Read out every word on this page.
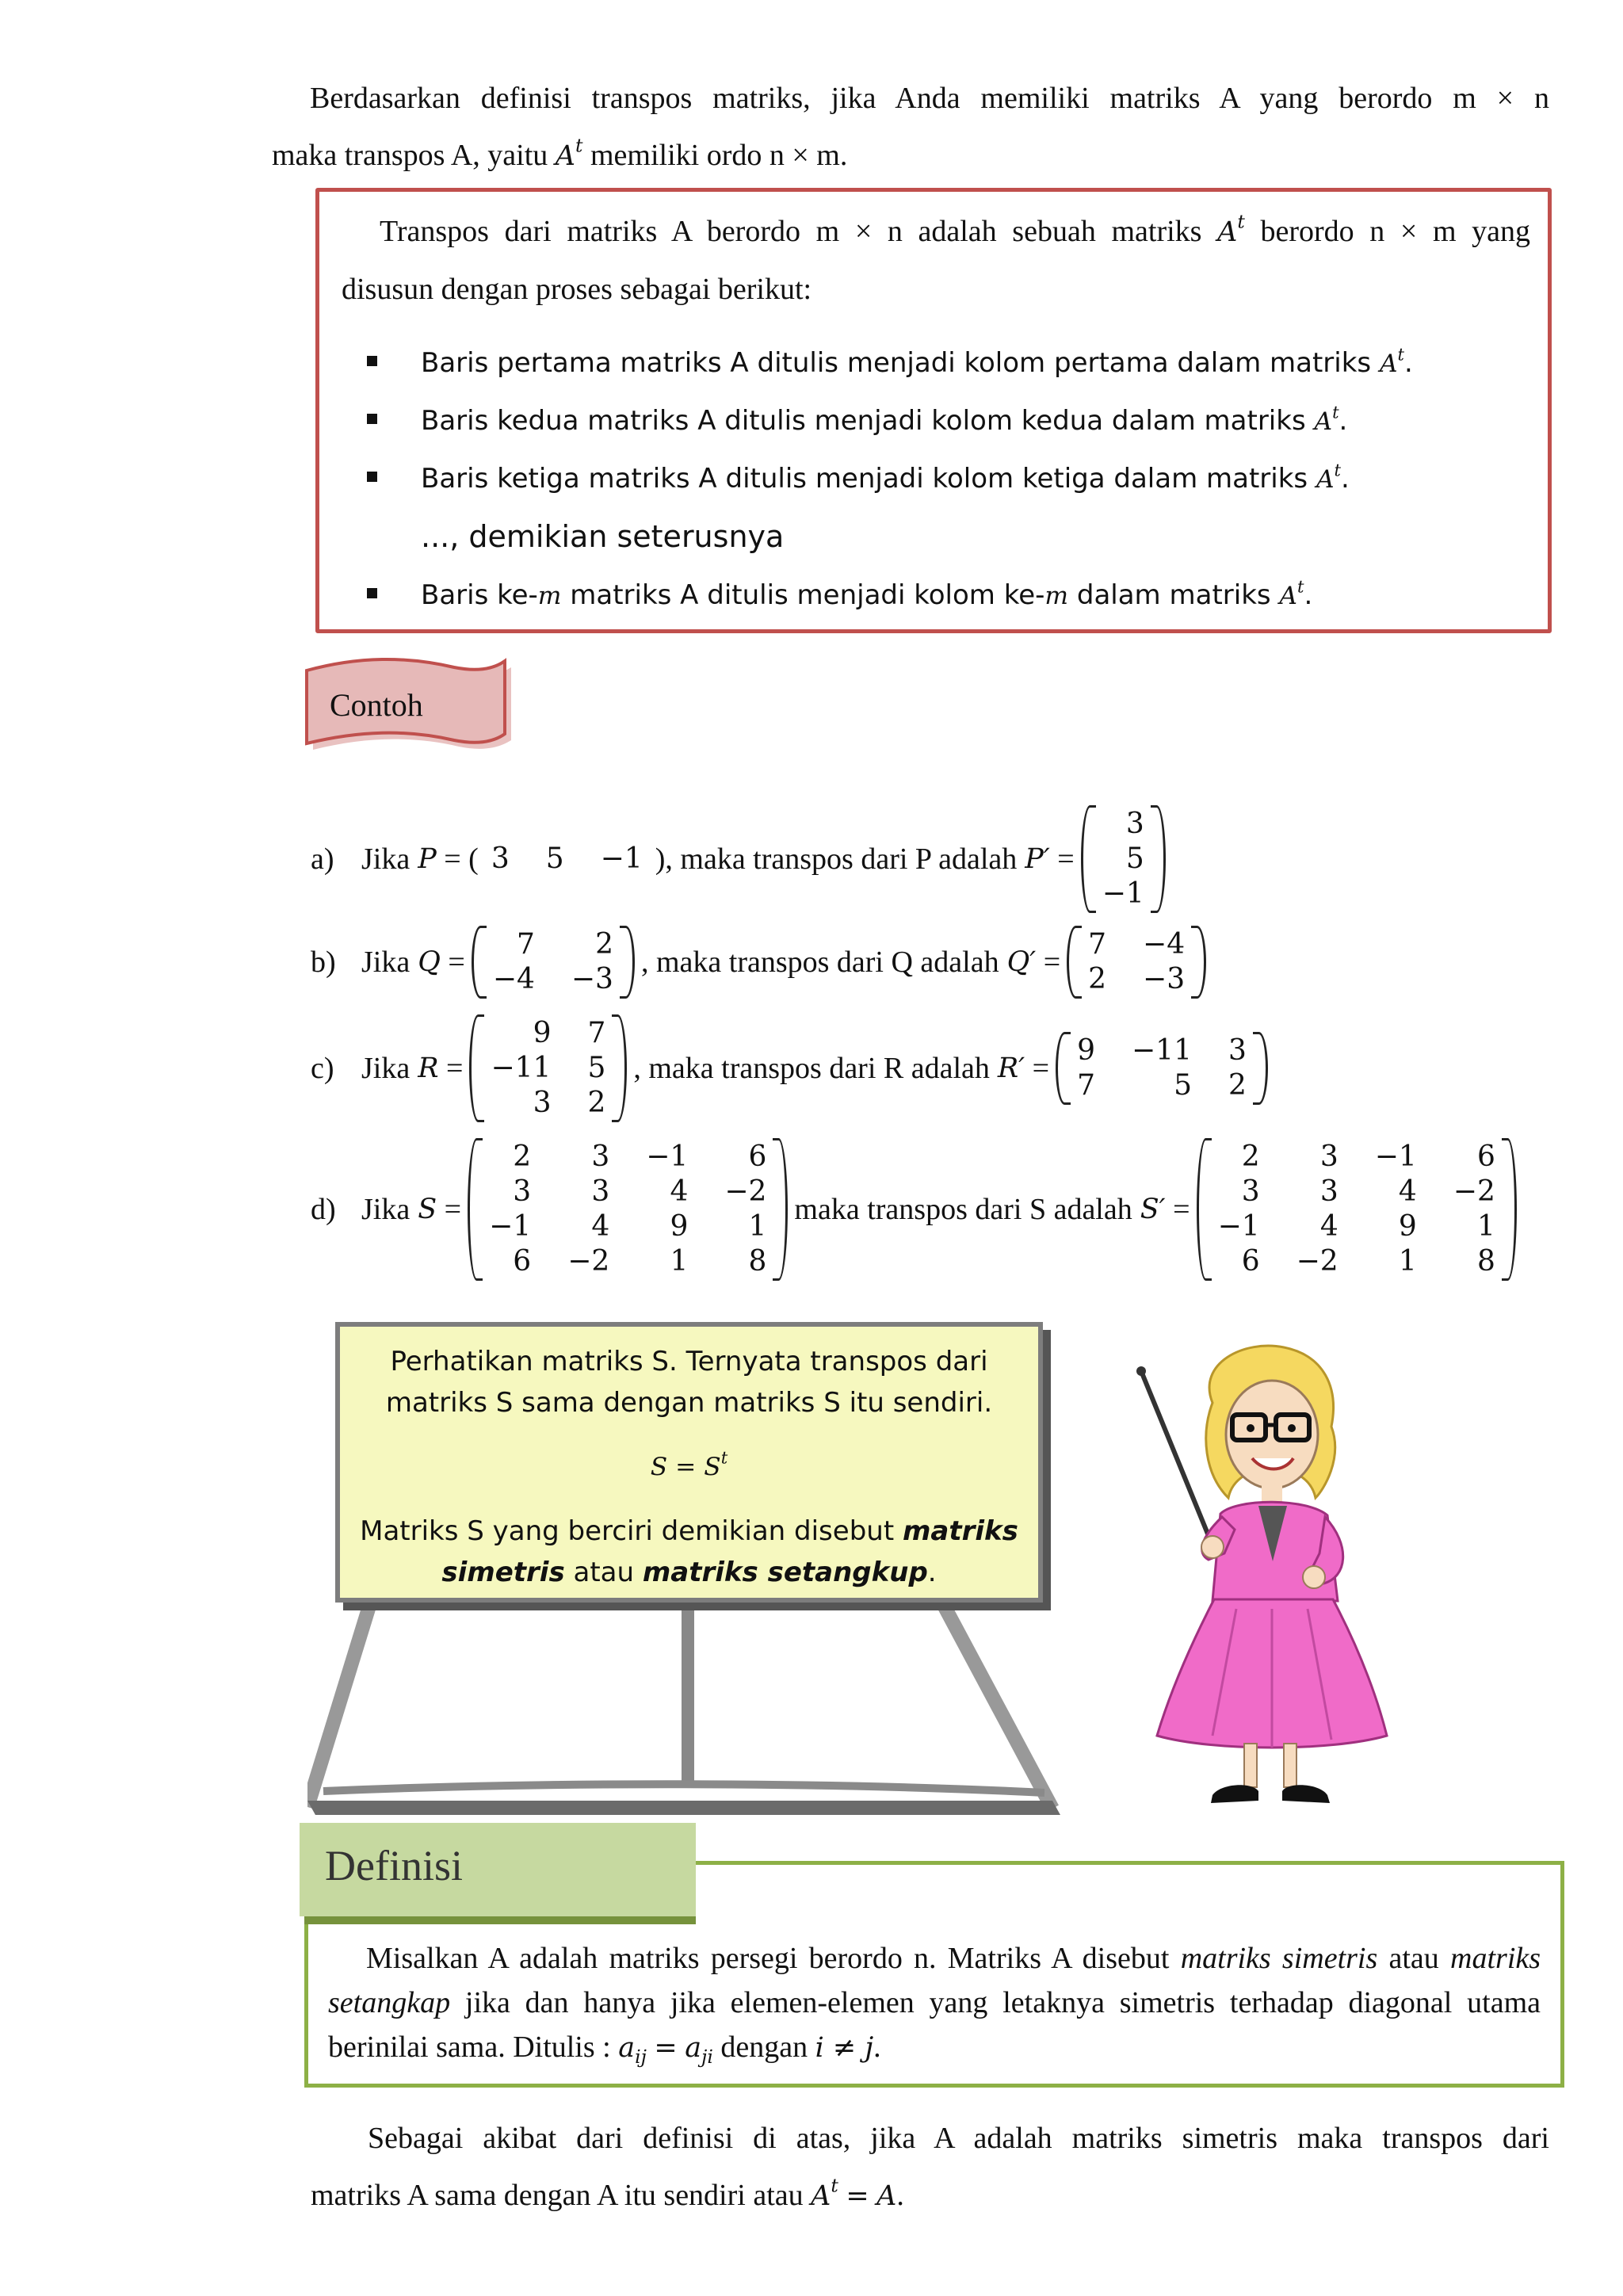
Berdasarkan definisi transpos matriks, jika Anda memiliki matriks A yang berordo m × n
maka transpos A, yaitu $A^t$ memiliki ordo n × m.
Transpos dari matriks A berordo m × n adalah sebuah matriks $A^t$ berordo n × m yang
disusun dengan proses sebagai berikut:
Baris pertama matriks A ditulis menjadi kolom pertama dalam matriks $A^t$.
Baris kedua matriks A ditulis menjadi kolom kedua dalam matriks $A^t$.
Baris ketiga matriks A ditulis menjadi kolom ketiga dalam matriks $A^t$.
..., demikian seterusnya
Baris ke-m matriks A ditulis menjadi kolom ke-m dalam matriks $A^t$.
Contoh
a) Jika P = ( 3 5 −1 ) , maka transpos dari P adalah P′ =
3
5
−1
b) Jika Q =
7	2
−4 −3
, maka transpos dari Q adalah Q′ =
7 −4
2 −3
c) Jika R =
9 7
−11 5
3 2
, maka transpos dari R adalah R′ =
9 −11 3
7	5 2
d) Jika S =
2	3 −1	6
3	3	4 −2
−1	4	9	1
6 −2	1	8
maka transpos dari S adalah S′ =
2	3 −1	6
3	3	4 −2
−1	4	9	1
6 −2	1	8
Perhatikan matriks S. Ternyata transpos dari
matriks S sama dengan matriks S itu sendiri.
$S = S^t$
Matriks S yang berciri demikian disebut matriks
simetris atau matriks setangkup.
Definisi
Misalkan A adalah matriks persegi berordo n. Matriks A disebut matriks simetris atau matriks setangkap jika dan hanya jika elemen-elemen yang letaknya simetris terhadap diagonal utama berinilai sama. Ditulis : $a_{ij} = a_{ji}$ dengan i ≠ j.
Sebagai akibat dari definisi di atas, jika A adalah matriks simetris maka transpos dari
matriks A sama dengan A itu sendiri atau $A^t = A$.
